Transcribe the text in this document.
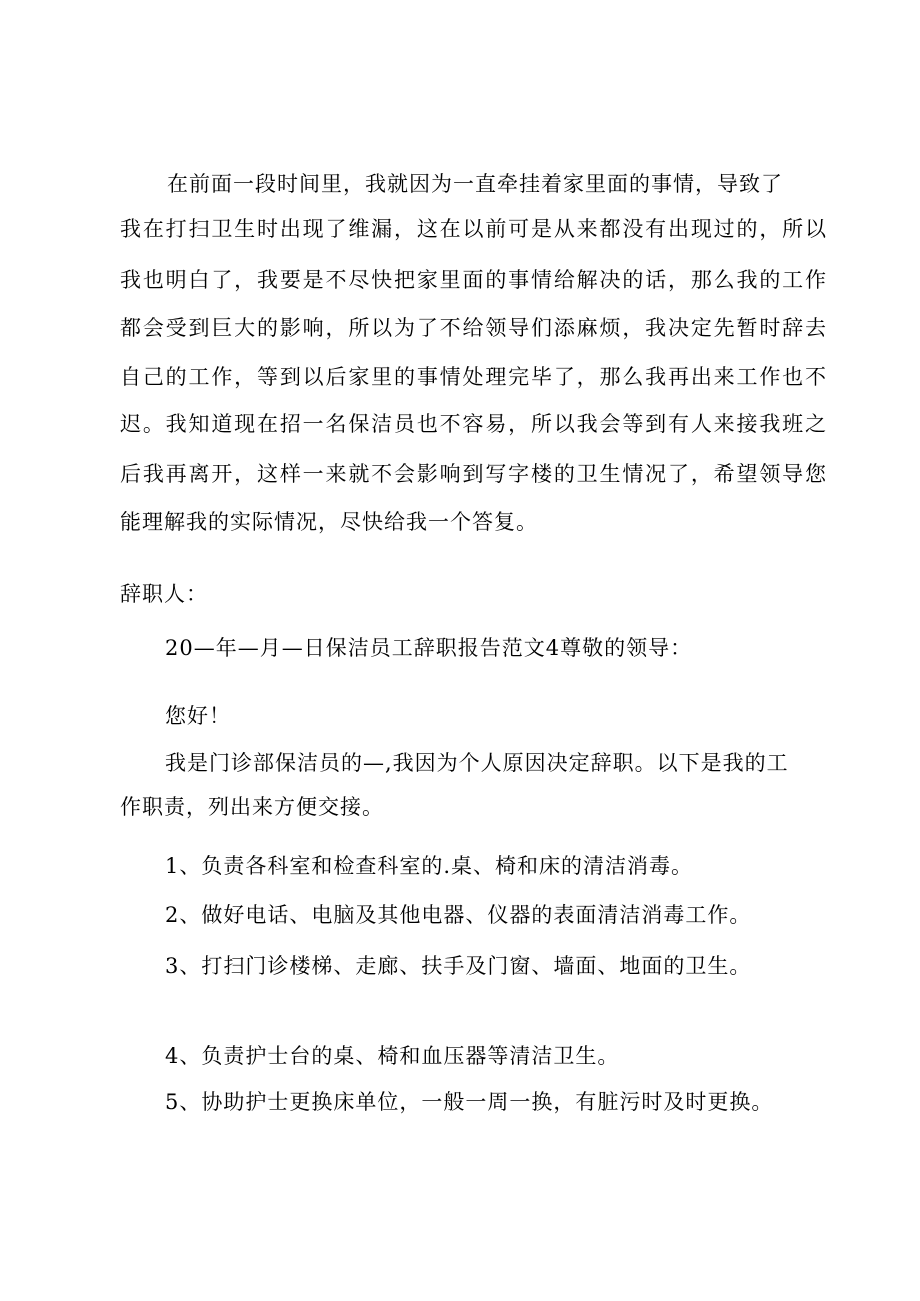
在前面一段时间里，我就因为一直牵挂着家里面的事情，导致了

我在打扫卫生时出现了维漏，这在以前可是从来都没有出现过的，所以

我也明白了，我要是不尽快把家里面的事情给解决的话，那么我的工作

都会受到巨大的影响，所以为了不给领导们添麻烦，我决定先暂时辞去

自己的工作，等到以后家里的事情处理完毕了，那么我再出来工作也不

迟。我知道现在招一名保洁员也不容易，所以我会等到有人来接我班之

后我再离开，这样一来就不会影响到写字楼的卫生情况了，希望领导您

能理解我的实际情况，尽快给我一个答复。

辞职人：

20—年—月—日保洁员工辞职报告范文4尊敬的领导：

您好！

我是门诊部保洁员的—,我因为个人原因决定辞职。以下是我的工

作职责，列出来方便交接。

1、负责各科室和检查科室的.桌、椅和床的清洁消毒。

2、做好电话、电脑及其他电器、仪器的表面清洁消毒工作。

3、打扫门诊楼梯、走廊、扶手及门窗、墙面、地面的卫生。

4、负责护士台的桌、椅和血压器等清洁卫生。

5、协助护士更换床单位，一般一周一换，有脏污时及时更换。
